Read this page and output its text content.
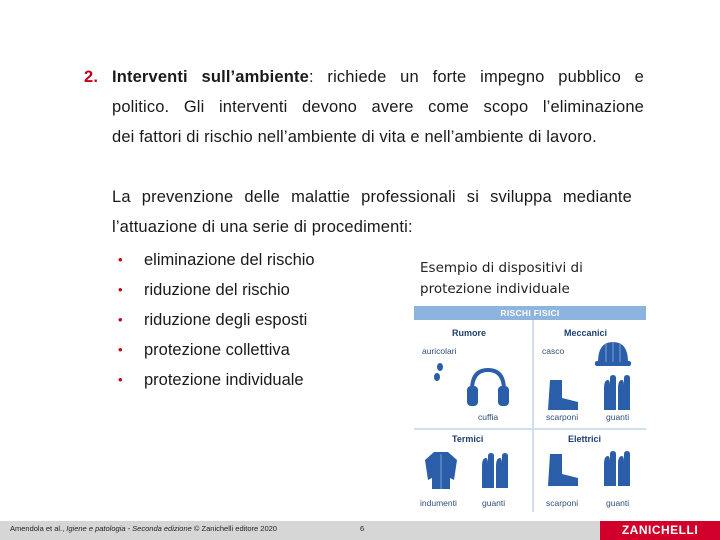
2. Interventi sull’ambiente: richiede un forte impegno pubblico e
politico. Gli interventi devono avere come scopo l’eliminazione
dei fattori di rischio nell’ambiente di vita e nell’ambiente di lavoro.
La prevenzione delle malattie professionali si sviluppa mediante
l’attuazione di una serie di procedimenti:
•	eliminazione del rischio
•	riduzione del rischio
•	riduzione degli esposti
•	protezione collettiva
•	protezione individuale
Esempio di dispositivi di
protezione individuale
RISCHI FISICI
Rumore
auricolari
cuffia
Meccanici
casco
scarponi	guanti
Termici
indumenti	guanti
Elettrici
scarponi	guanti
Amendola et al., Igiene e patologia - Seconda edizione © Zanichelli editore 2020	6	ZANICHELLI
